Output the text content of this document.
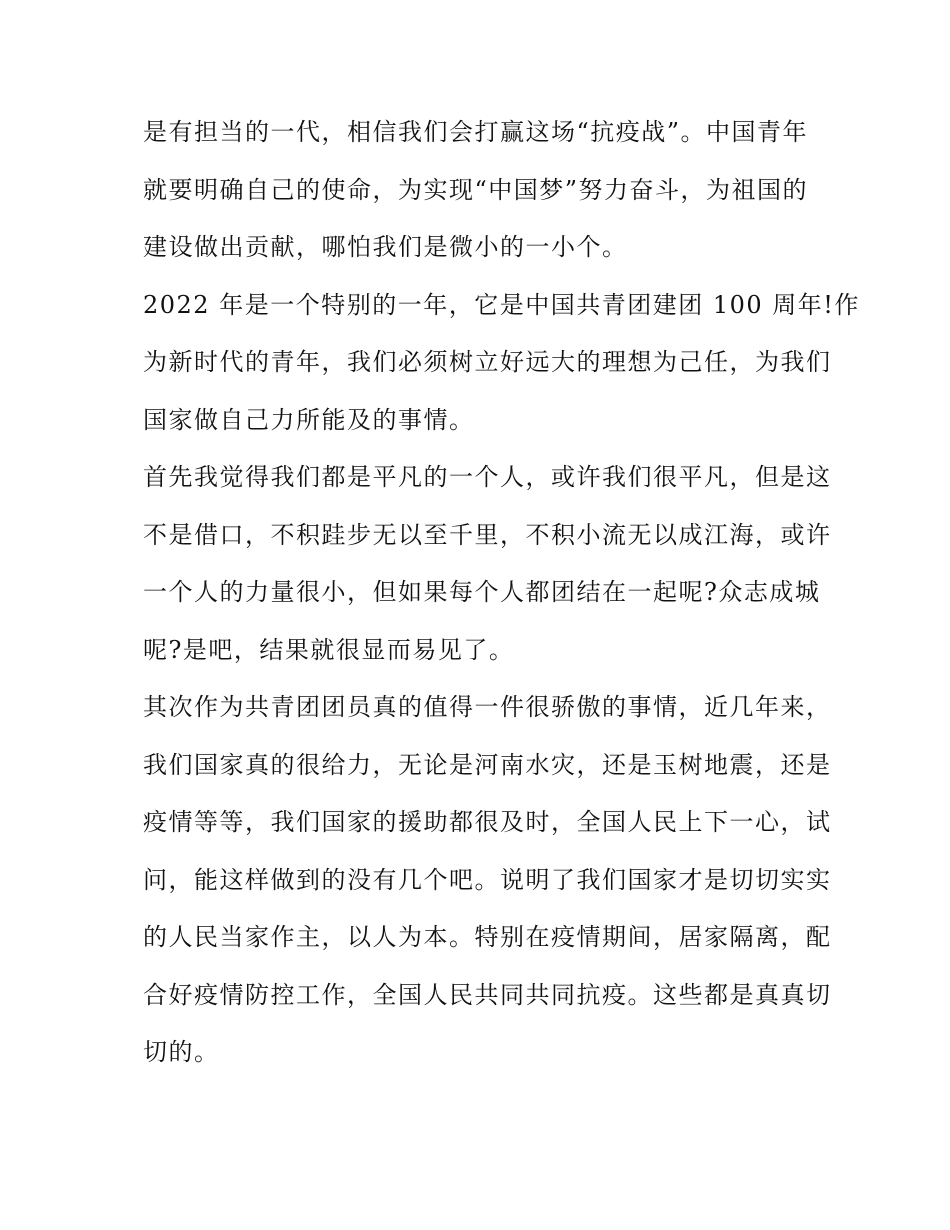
是有担当的一代，相信我们会打赢这场“抗疫战”。中国青年
就要明确自己的使命，为实现“中国梦”努力奋斗，为祖国的
建设做出贡献，哪怕我们是微小的一小个。
2022 年是一个特别的一年，它是中国共青团建团 100 周年!作
为新时代的青年，我们必须树立好远大的理想为己任，为我们
国家做自己力所能及的事情。
首先我觉得我们都是平凡的一个人，或许我们很平凡，但是这
不是借口，不积跬步无以至千里，不积小流无以成江海，或许
一个人的力量很小，但如果每个人都团结在一起呢?众志成城
呢?是吧，结果就很显而易见了。
其次作为共青团团员真的值得一件很骄傲的事情，近几年来，
我们国家真的很给力，无论是河南水灾，还是玉树地震，还是
疫情等等，我们国家的援助都很及时，全国人民上下一心，试
问，能这样做到的没有几个吧。说明了我们国家才是切切实实
的人民当家作主，以人为本。特别在疫情期间，居家隔离，配
合好疫情防控工作，全国人民共同共同抗疫。这些都是真真切
切的。
